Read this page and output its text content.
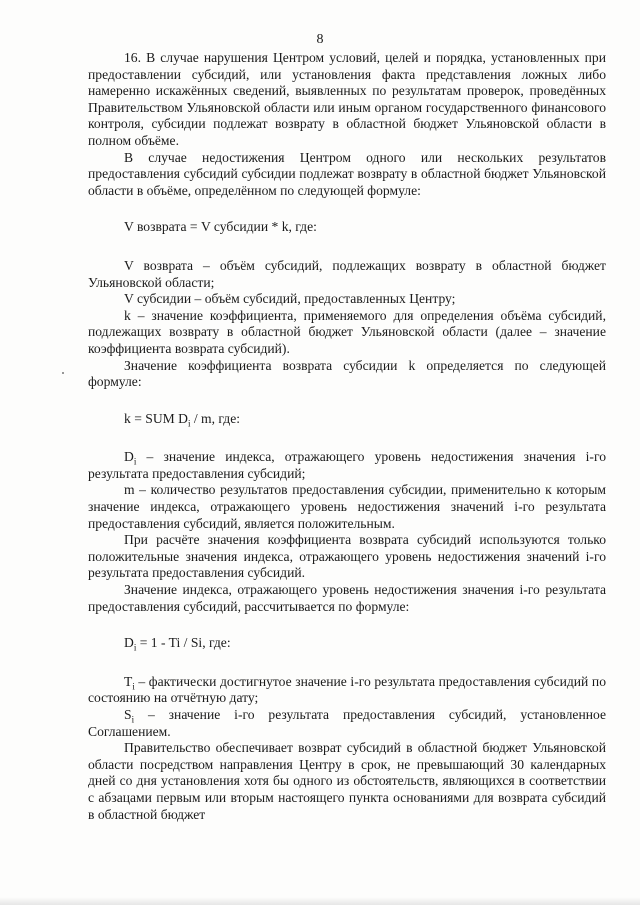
8

16. В случае нарушения Центром условий, целей и порядка, установленных при предоставлении субсидий, или установления факта представления ложных либо намеренно искажённых сведений, выявленных по результатам проверок, проведённых Правительством Ульяновской области или иным органом государственного финансового контроля, субсидии подлежат возврату в областной бюджет Ульяновской области в полном объёме.

В случае недостижения Центром одного или нескольких результатов предоставления субсидий субсидии подлежат возврату в областной бюджет Ульяновской области в объёме, определённом по следующей формуле:

V возврата = V субсидии * k, где:

V возврата – объём субсидий, подлежащих возврату в областной бюджет Ульяновской области;

V субсидии – объём субсидий, предоставленных Центру;

k – значение коэффициента, применяемого для определения объёма субсидий, подлежащих возврату в областной бюджет Ульяновской области (далее – значение коэффициента возврата субсидий).

Значение коэффициента возврата субсидии k определяется по следующей формуле:

k = SUM $D_i$ / m, где:

$D_i$ – значение индекса, отражающего уровень недостижения значения i-го результата предоставления субсидий;

m – количество результатов предоставления субсидии, применительно к которым значение индекса, отражающего уровень недостижения значений i-го результата предоставления субсидий, является положительным.

При расчёте значения коэффициента возврата субсидий используются только положительные значения индекса, отражающего уровень недостижения значений i-го результата предоставления субсидий.

Значение индекса, отражающего уровень недостижения значения i-го результата предоставления субсидий, рассчитывается по формуле:

$D_i = 1 - Ti / Si$, где:

$T_i$ – фактически достигнутое значение i-го результата предоставления субсидий по состоянию на отчётную дату;

$S_i$ – значение i-го результата предоставления субсидий, установленное Соглашением.

Правительство обеспечивает возврат субсидий в областной бюджет Ульяновской области посредством направления Центру в срок, не превышающий 30 календарных дней со дня установления хотя бы одного из обстоятельств, являющихся в соответствии с абзацами первым или вторым настоящего пункта основаниями для возврата субсидий в областной бюджет
